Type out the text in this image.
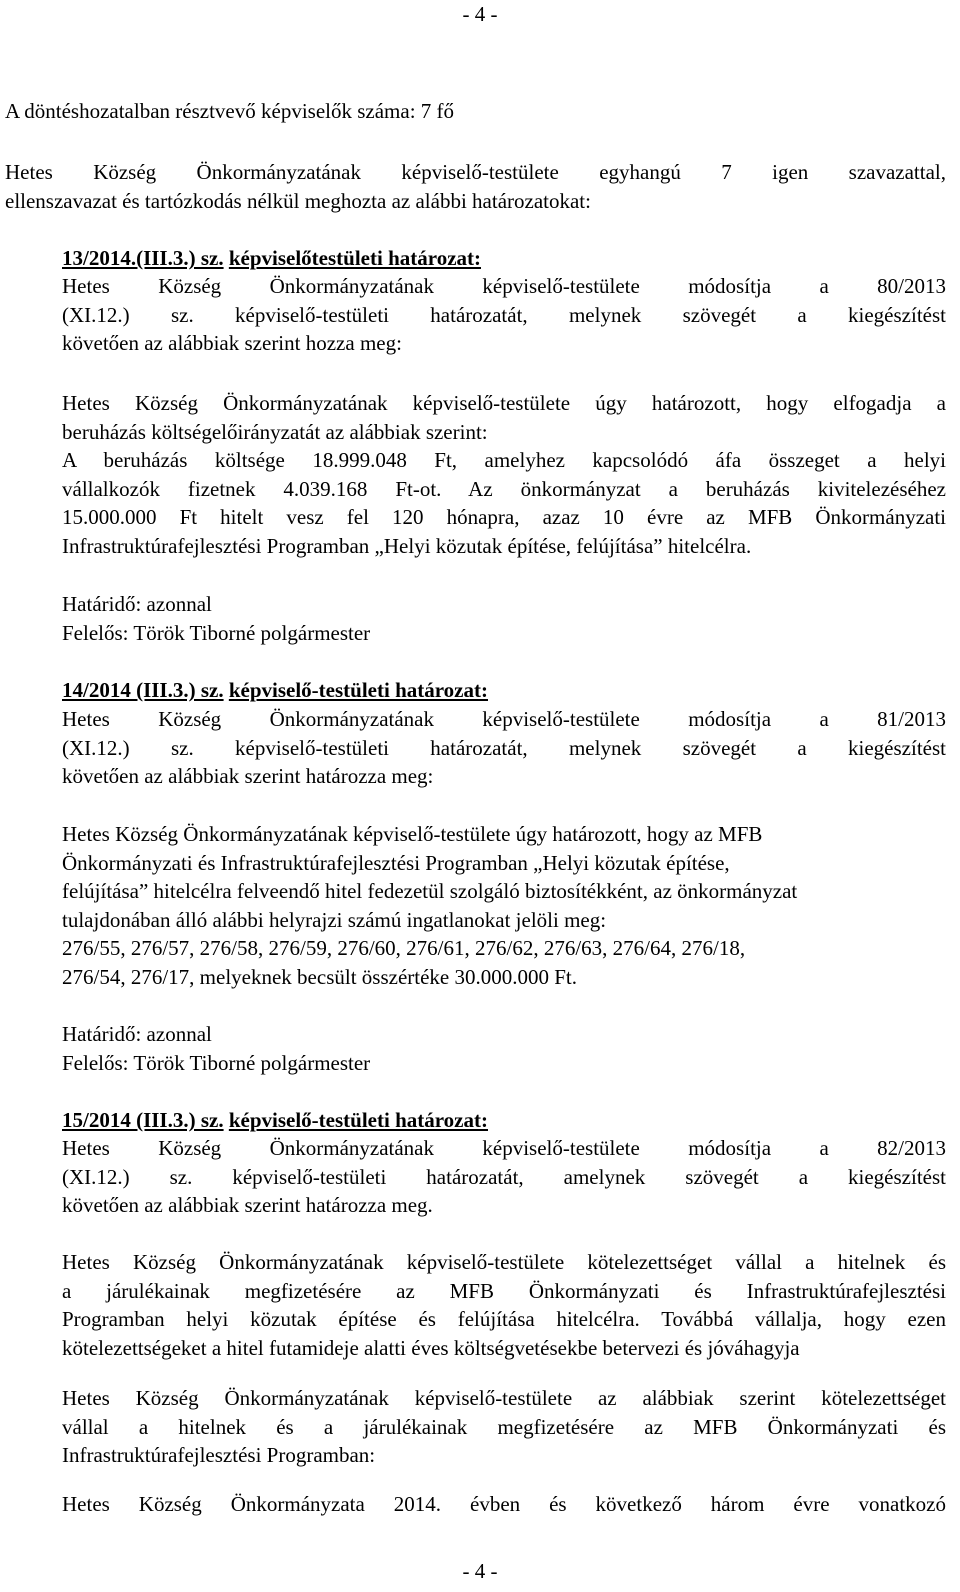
- 4 -
A döntéshozatalban résztvevő képviselők száma: 7 fő
Hetes Község Önkormányzatának képviselő-testülete egyhangú 7 igen szavazattal,
ellenszavazat és tartózkodás nélkül meghozta az alábbi határozatokat:
13/2014.(III.3.) sz. képviselőtestületi határozat:
Hetes Község Önkormányzatának képviselő-testülete módosítja a 80/2013
(XI.12.) sz. képviselő-testületi határozatát, melynek szövegét a kiegészítést
követően az alábbiak szerint hozza meg:
Hetes Község Önkormányzatának képviselő-testülete úgy határozott, hogy elfogadja a
beruházás költségelőirányzatát az alábbiak szerint:
A beruházás költsége 18.999.048 Ft, amelyhez kapcsolódó áfa összeget a helyi
vállalkozók fizetnek 4.039.168 Ft-ot. Az önkormányzat a beruházás kivitelezéséhez
15.000.000 Ft hitelt vesz fel 120 hónapra, azaz 10 évre az MFB Önkormányzati
Infrastruktúrafejlesztési Programban „Helyi közutak építése, felújítása” hitelcélra.
Határidő: azonnal
Felelős: Török Tiborné polgármester
14/2014 (III.3.) sz. képviselő-testületi határozat:
Hetes Község Önkormányzatának képviselő-testülete módosítja a 81/2013
(XI.12.) sz. képviselő-testületi határozatát, melynek szövegét a kiegészítést
követően az alábbiak szerint határozza meg:
Hetes Község Önkormányzatának képviselő-testülete úgy határozott, hogy az MFB
Önkormányzati és Infrastruktúrafejlesztési Programban „Helyi közutak építése,
felújítása” hitelcélra felveendő hitel fedezetül szolgáló biztosítékként, az önkormányzat
tulajdonában álló alábbi helyrajzi számú ingatlanokat jelöli meg:
276/55, 276/57, 276/58, 276/59, 276/60, 276/61, 276/62, 276/63, 276/64, 276/18,
276/54, 276/17, melyeknek becsült összértéke 30.000.000 Ft.
Határidő: azonnal
Felelős: Török Tiborné polgármester
15/2014 (III.3.) sz. képviselő-testületi határozat:
Hetes Község Önkormányzatának képviselő-testülete módosítja a 82/2013
(XI.12.) sz. képviselő-testületi határozatát, amelynek szövegét a kiegészítést
követően az alábbiak szerint határozza meg.
Hetes Község Önkormányzatának képviselő-testülete kötelezettséget vállal a hitelnek és
a járulékainak megfizetésére az MFB Önkormányzati és Infrastruktúrafejlesztési
Programban helyi közutak építése és felújítása hitelcélra. Továbbá vállalja, hogy ezen
kötelezettségeket a hitel futamideje alatti éves költségvetésekbe betervezi és jóváhagyja
Hetes Község Önkormányzatának képviselő-testülete az alábbiak szerint kötelezettséget
vállal a hitelnek és a járulékainak megfizetésére az MFB Önkormányzati és
Infrastruktúrafejlesztési Programban:
Hetes Község Önkormányzata 2014. évben és következő három évre vonatkozó
- 4 -
